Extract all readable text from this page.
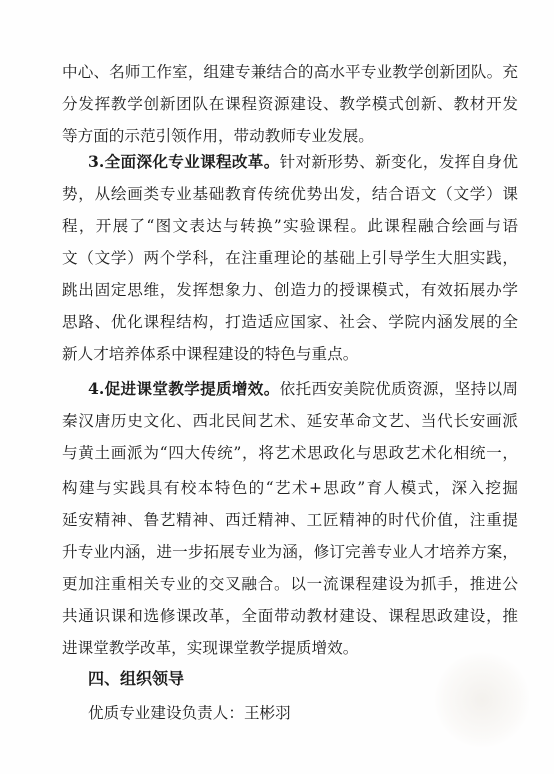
中心、名师工作室，组建专兼结合的高水平专业教学创新团队。充
分发挥教学创新团队在课程资源建设、教学模式创新、教材开发
等方面的示范引领作用，带动教师专业发展。
3.全面深化专业课程改革。针对新形势、新变化，发挥自身优
势，从绘画类专业基础教育传统优势出发，结合语文（文学）课
程，开展了“图文表达与转换”实验课程。此课程融合绘画与语
文（文学）两个学科，在注重理论的基础上引导学生大胆实践，
跳出固定思维，发挥想象力、创造力的授课模式，有效拓展办学
思路、优化课程结构，打造适应国家、社会、学院内涵发展的全
新人才培养体系中课程建设的特色与重点。
4.促进课堂教学提质增效。依托西安美院优质资源，坚持以周
秦汉唐历史文化、西北民间艺术、延安革命文艺、当代长安画派
与黄土画派为“四大传统”，将艺术思政化与思政艺术化相统一，
构建与实践具有校本特色的“艺术+思政”育人模式，深入挖掘
延安精神、鲁艺精神、西迁精神、工匠精神的时代价值，注重提
升专业内涵，进一步拓展专业为涵，修订完善专业人才培养方案，
更加注重相关专业的交叉融合。以一流课程建设为抓手，推进公
共通识课和选修课改革，全面带动教材建设、课程思政建设，推
进课堂教学改革，实现课堂教学提质增效。
四、组织领导
优质专业建设负责人：王彬羽
